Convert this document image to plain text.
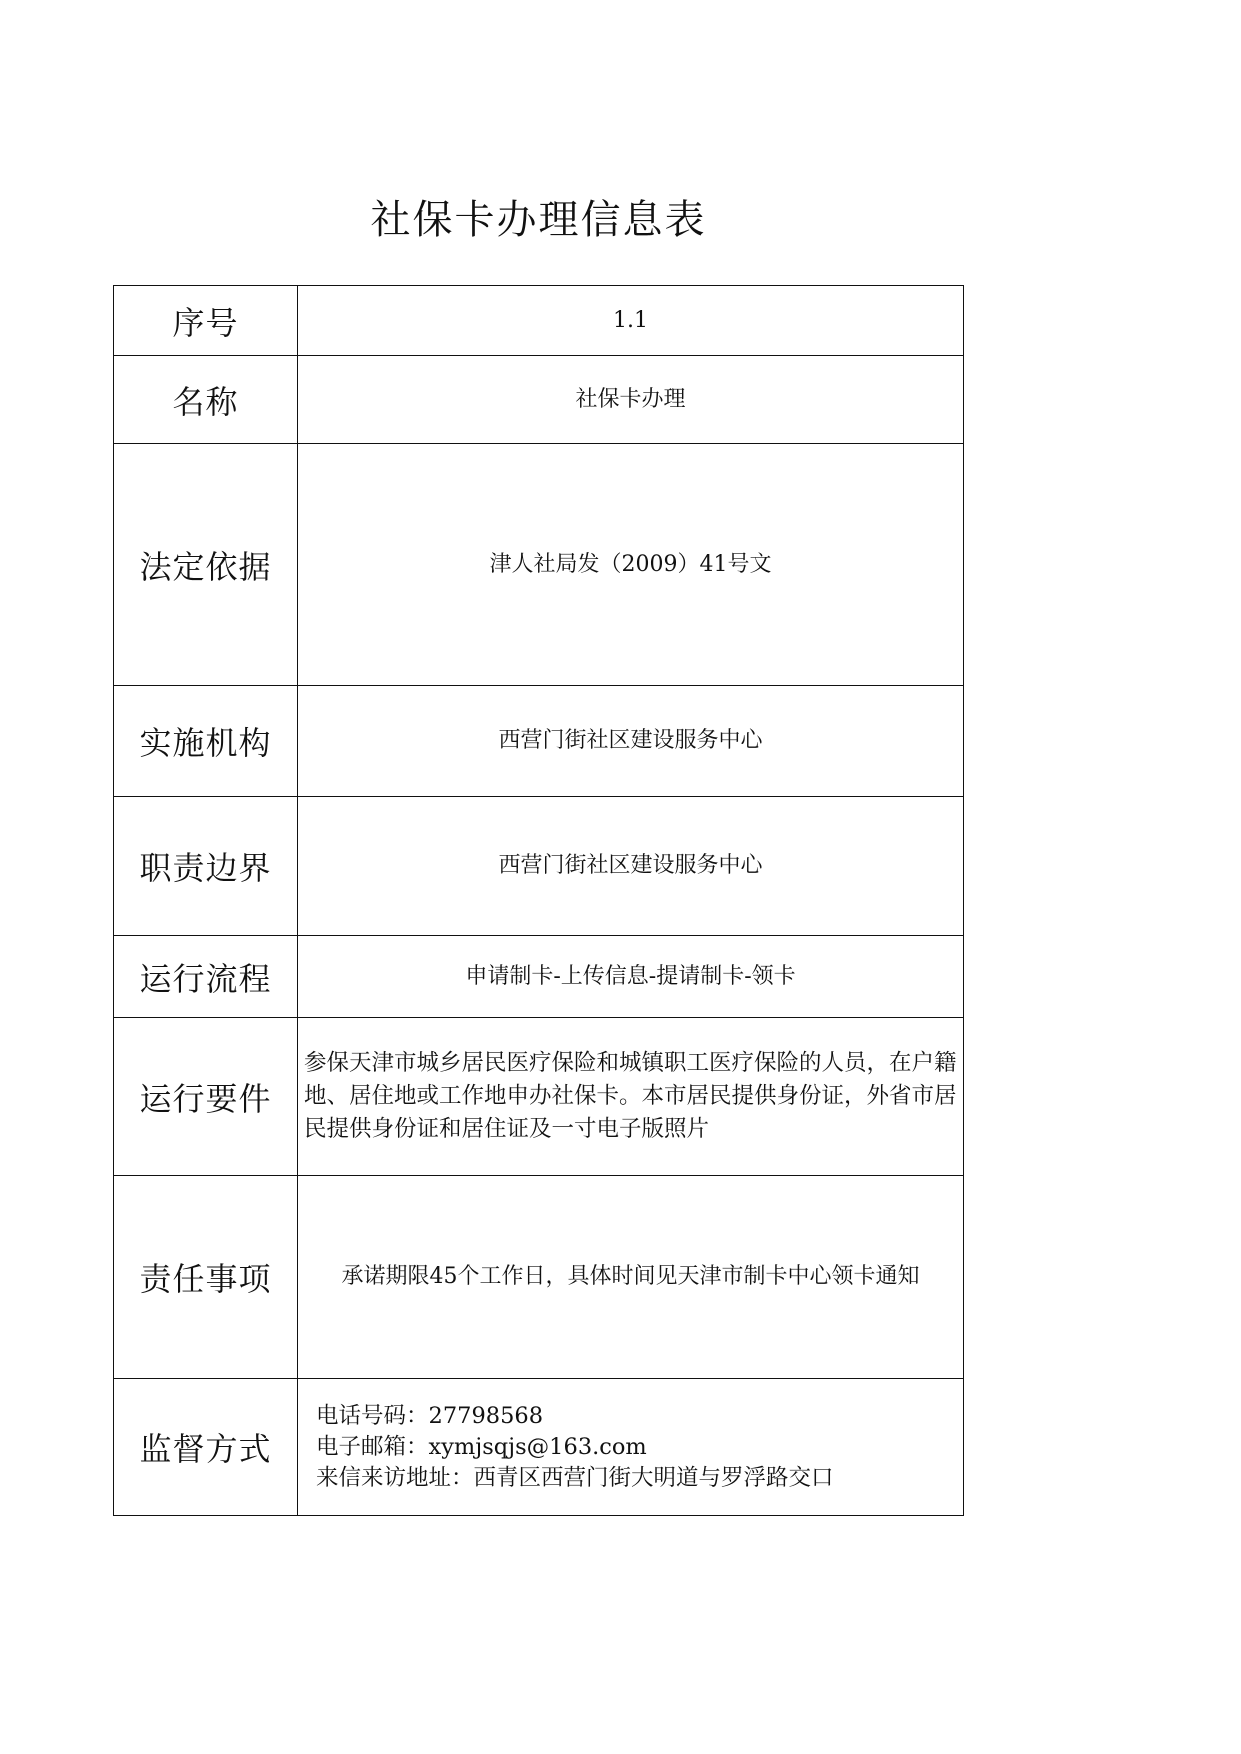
社保卡办理信息表
序号	1.1
名称	社保卡办理
法定依据	津人社局发（2009）41号文
实施机构	西营门街社区建设服务中心
职责边界	西营门街社区建设服务中心
运行流程	申请制卡-上传信息-提请制卡-领卡
运行要件	参保天津市城乡居民医疗保险和城镇职工医疗保险的人员，在户籍地、居住地或工作地申办社保卡。本市居民提供身份证，外省市居民提供身份证和居住证及一寸电子版照片
责任事项	承诺期限45个工作日，具体时间见天津市制卡中心领卡通知
监督方式	电话号码：27798568
电子邮箱：xymjsqjs@163.com
来信来访地址：西青区西营门街大明道与罗浮路交口
